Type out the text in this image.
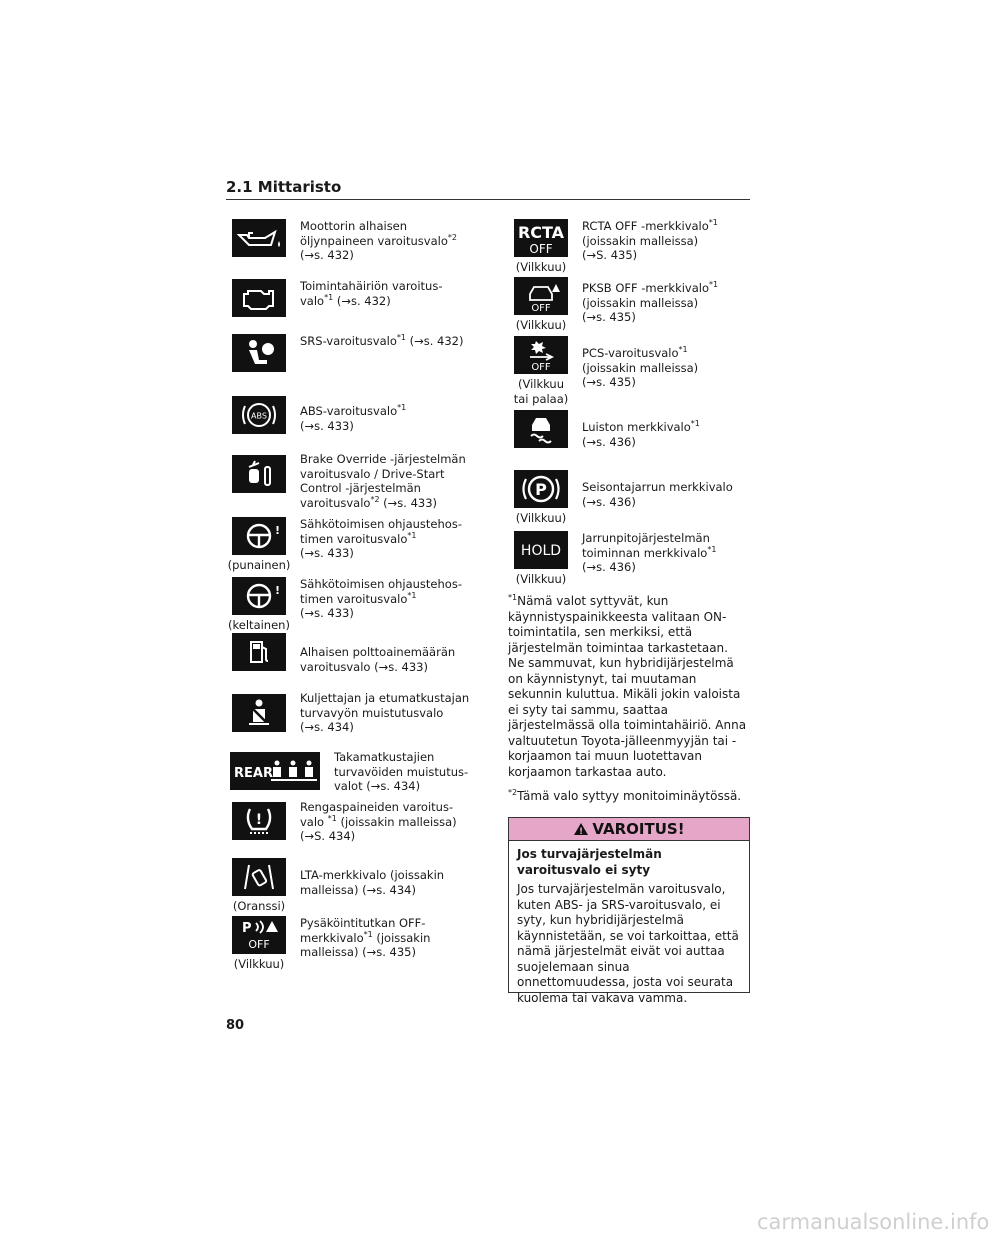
2.1 Mittaristo
Moottorin alhaisen
öljynpaineen varoitusvalo$^{*2}$
(→s. 432)
Toimintahäiriön varoitus-
valo$^{*1}$ (→s. 432)
SRS-varoitusvalo$^{*1}$ (→s. 432)
ABS	ABS-varoitusvalo$^{*1}$
(→s. 433)
Brake Override -järjestelmän
varoitusvalo / Drive-Start
Control -järjestelmän
varoitusvalo$^{*2}$ (→s. 433)
!
(punainen)
Sähkötoimisen ohjaustehos-
timen varoitusvalo$^{*1}$
(→s. 433)
!
(keltainen)
Sähkötoimisen ohjaustehos-
timen varoitusvalo$^{*1}$
(→s. 433)
Alhaisen polttoainemäärän
varoitusvalo (→s. 433)
Kuljettajan ja etumatkustajan
turvavyön muistutusvalo
(→s. 434)
REAR
Takamatkustajien
turvavöiden muistutus-
valot (→s. 434)
!
Rengaspaineiden varoitus-
valo $^{*1}$ (joissakin malleissa)
(→S. 434)
(Oranssi)
LTA-merkkivalo (joissakin
malleissa) (→s. 434)
P
OFF
(Vilkkuu)
Pysäköintitutkan OFF-
merkkivalo$^{*1}$ (joissakin
malleissa) (→s. 435)
RCTA
OFF
(Vilkkuu)
RCTA OFF -merkkivalo$^{*1}$
(joissakin malleissa)
(→S. 435)
OFF
(Vilkkuu)
PKSB OFF -merkkivalo$^{*1}$
(joissakin malleissa)
(→s. 435)
OFF
(Vilkkuu
tai palaa)
PCS-varoitusvalo$^{*1}$
(joissakin malleissa)
(→s. 435)
Luiston merkkivalo$^{*1}$
(→s. 436)
P
(Vilkkuu)
Seisontajarrun merkkivalo
(→s. 436)
HOLD
(Vilkkuu)
Jarrunpitojärjestelmän
toiminnan merkkivalo$^{*1}$
(→s. 436)
$^{*1}$Nämä valot syttyvät, kun käynnistyspainikkeesta valitaan ON-toimintatila, sen merkiksi, että järjestelmän toimintaa tarkastetaan. Ne sammuvat, kun hybridijärjestelmä on käynnistynyt, tai muutaman sekunnin kuluttua. Mikäli jokin valoista ei syty tai sammu, saattaa järjestelmässä olla toimintahäiriö. Anna valtuutetun Toyota-jälleenmyyjän tai -korjaamon tai muun luotettavan korjaamon tarkastaa auto.
$^{*2}$Tämä valo syttyy monitoiminäytössä.
! VAROITUS!
Jos turvajärjestelmän varoitusvalo ei syty
Jos turvajärjestelmän varoitusvalo, kuten ABS- ja SRS-varoitusvalo, ei syty, kun hybridijärjestelmä käynnistetään, se voi tarkoittaa, että nämä järjestelmät eivät voi auttaa suojelemaan sinua onnettomuudessa, josta voi seurata kuolema tai vakava vamma.
80
carmanualsonline.info
